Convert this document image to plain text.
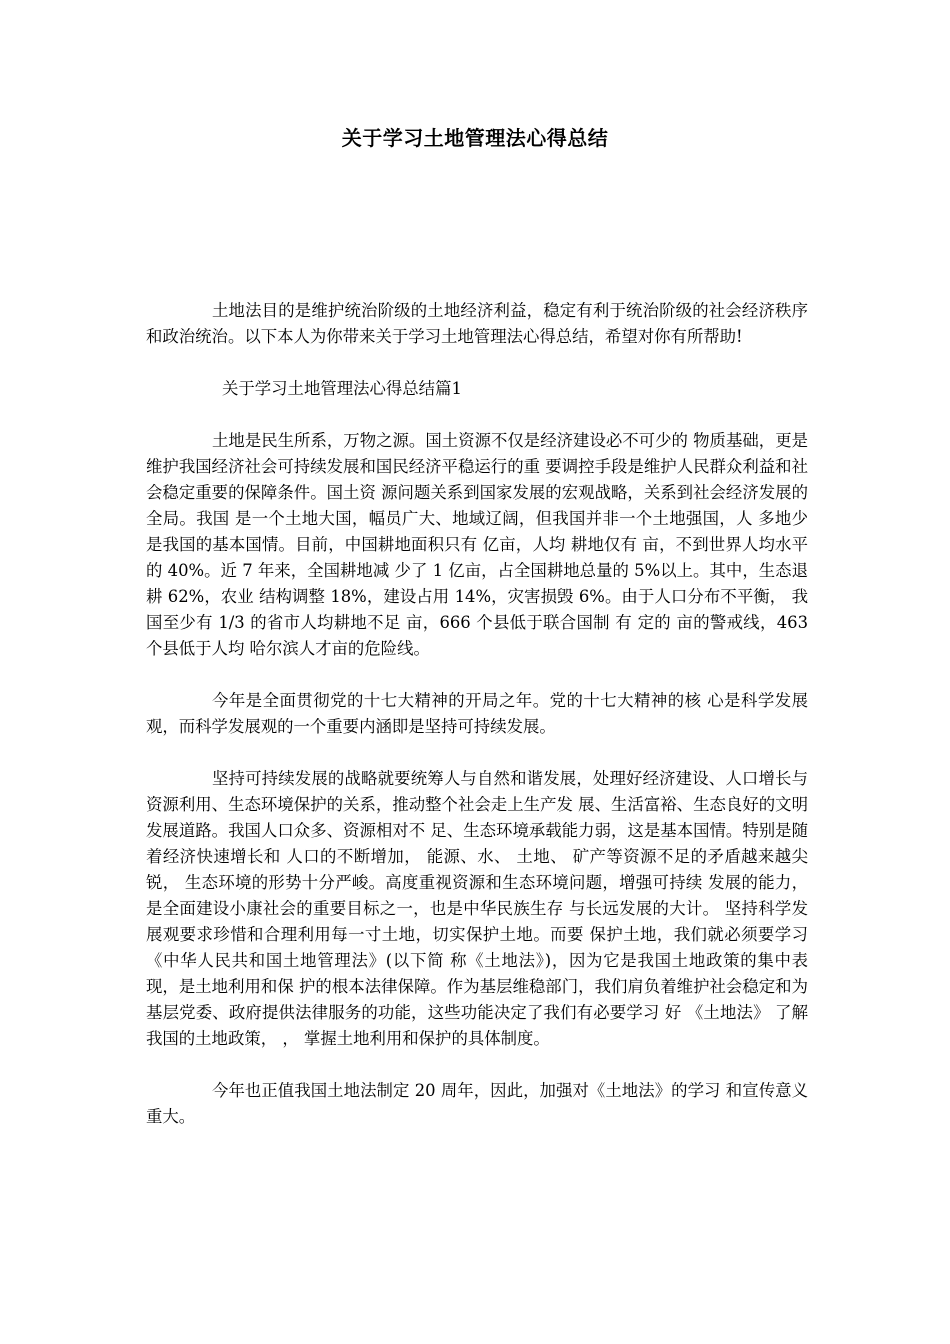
关于学习土地管理法心得总结

土地法目的是维护统治阶级的土地经济利益，稳定有利于统治阶级的社会经济秩序和政治统治。以下本人为你带来关于学习土地管理法心得总结，希望对你有所帮助!

关于学习土地管理法心得总结篇1

土地是民生所系，万物之源。国土资源不仅是经济建设必不可少的 物质基础，更是维护我国经济社会可持续发展和国民经济平稳运行的重 要调控手段是维护人民群众利益和社会稳定重要的保障条件。国土资 源问题关系到国家发展的宏观战略，关系到社会经济发展的全局。我国 是一个土地大国，幅员广大、地域辽阔，但我国并非一个土地强国，人 多地少是我国的基本国情。目前，中国耕地面积只有 亿亩，人均 耕地仅有 亩，不到世界人均水平的 40%。近 7 年来，全国耕地减 少了 1 亿亩，占全国耕地总量的 5%以上。其中，生态退耕 62%，农业 结构调整 18%，建设占用 14%，灾害损毁 6%。由于人口分布不平衡， 我国至少有 1/3 的省市人均耕地不足 亩，666 个县低于联合国制 有 定的 亩的警戒线，463 个县低于人均 哈尔滨人才亩的危险线。

今年是全面贯彻党的十七大精神的开局之年。党的十七大精神的核 心是科学发展观，而科学发展观的一个重要内涵即是坚持可持续发展。

坚持可持续发展的战略就要统筹人与自然和谐发展，处理好经济建设、人口增长与资源利用、生态环境保护的关系，推动整个社会走上生产发 展、生活富裕、生态良好的文明发展道路。我国人口众多、资源相对不 足、生态环境承载能力弱，这是基本国情。特别是随着经济快速增长和 人口的不断增加， 能源、水、 土地、 矿产等资源不足的矛盾越来越尖锐， 生态环境的形势十分严峻。高度重视资源和生态环境问题，增强可持续 发展的能力，是全面建设小康社会的重要目标之一，也是中华民族生存 与长远发展的大计。 坚持科学发展观要求珍惜和合理利用每一寸土地，切实保护土地。而要 保护土地，我们就必须要学习《中华人民共和国土地管理法》(以下简 称《土地法》)，因为它是我国土地政策的集中表现，是土地利用和保 护的根本法律保障。作为基层维稳部门，我们肩负着维护社会稳定和为 基层党委、政府提供法律服务的功能，这些功能决定了我们有必要学习 好 《土地法》 了解我国的土地政策， ， 掌握土地利用和保护的具体制度。

今年也正值我国土地法制定 20 周年，因此，加强对《土地法》的学习 和宣传意义重大。
